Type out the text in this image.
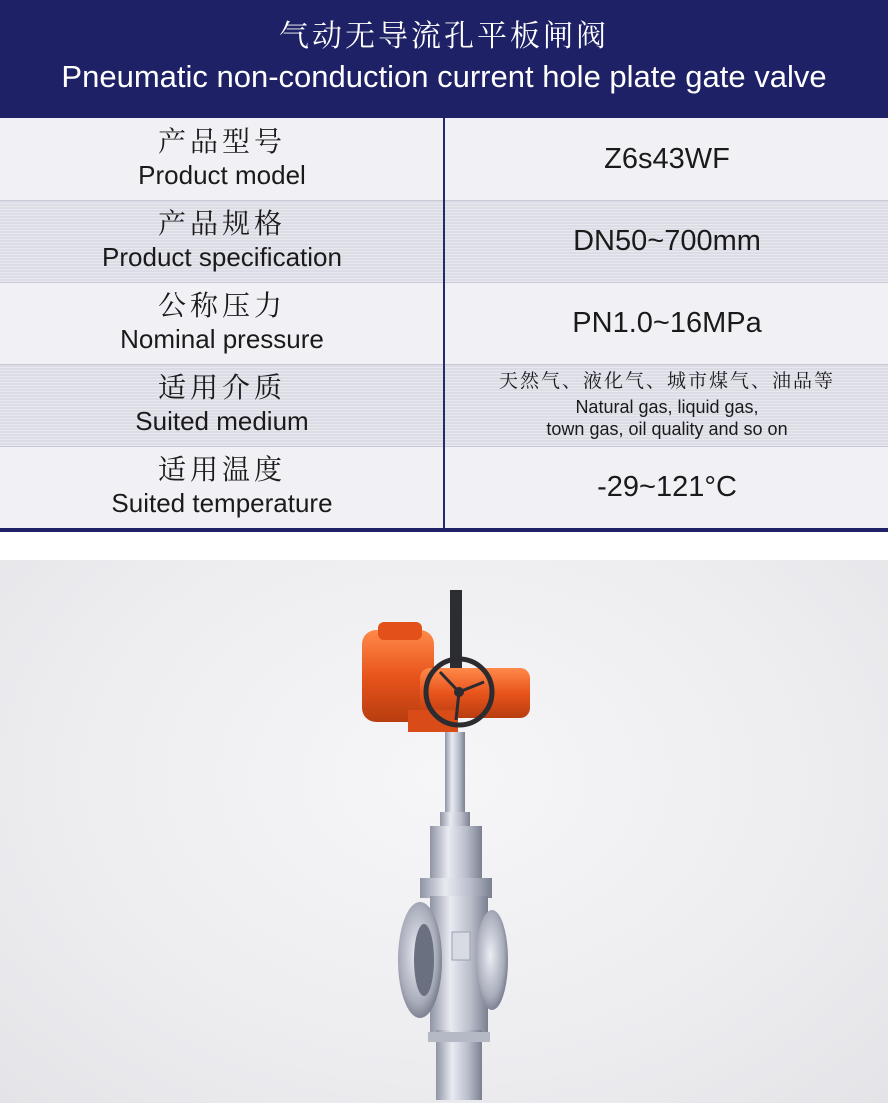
气动无导流孔平板闸阀
Pneumatic non-conduction current hole plate gate valve
产品型号
Product model
Z6s43WF
产品规格
Product specification
DN50~700mm
公称压力
Nominal pressure
PN1.0~16MPa
适用介质
Suited medium
天然气、液化气、城市煤气、油品等
Natural gas, liquid gas,
town gas, oil quality and so on
适用温度
Suited temperature
-29~121°C
